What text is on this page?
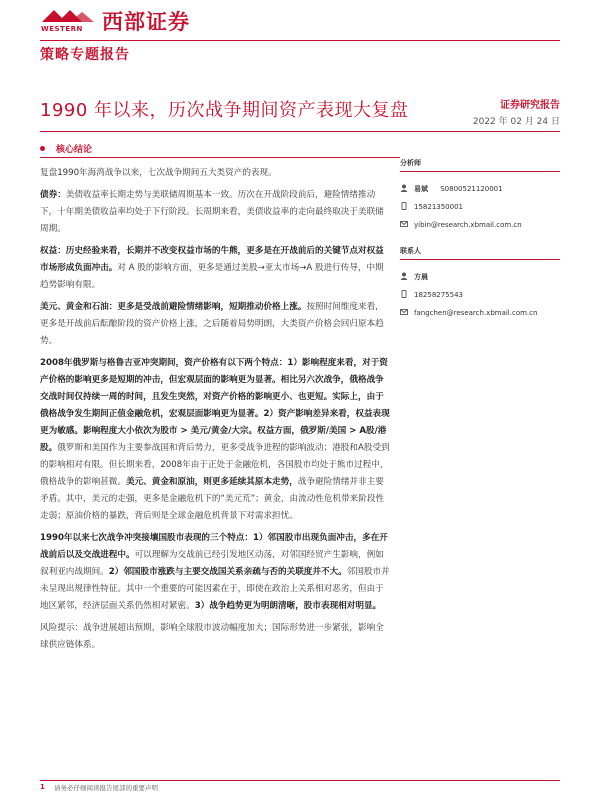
WESTERN 西部证券
策略专题报告
1990 年以来，历次战争期间资产表现大复盘	证券研究报告
2022 年 02 月 24 日
核心结论

复盘1990年海湾战争以来，七次战争期间五大类资产的表现。

债券：美债收益率长期走势与美联储周期基本一致。历次在开战阶段前后，避险情绪推动下，十年期美债收益率均处于下行阶段。长周期来看，美债收益率的走向最终取决于美联储周期。

权益：历史经验来看，长期并不改变权益市场的牛熊，更多是在开战前后的关键节点对权益市场形成负面冲击。对 A 股的影响方面，更多是通过美股→亚太市场→A 股进行传导，中期趋势影响有限。

美元、黄金和石油：更多是受战前避险情绪影响，短期推动价格上涨。按照时间维度来看，更多是开战前后酝酿阶段的资产价格上涨，之后随着局势明朗，大类资产价格会回归原本趋势。

2008年俄罗斯与格鲁吉亚冲突期间，资产价格有以下两个特点：1）影响程度来看，对于资产价格的影响更多是短期的冲击，但宏观层面的影响更为显著。相比另六次战争，俄格战争交战时间仅持续一周的时间，且发生突然，对资产价格的影响更小、也更短。实际上，由于俄格战争发生期间正值金融危机，宏观层面影响更为显著。2）资产影响差异来看，权益表现更为敏感。影响程度大小依次为股市 > 美元/黄金/大宗。权益方面，俄罗斯/美国 > A股/港股。俄罗斯和美国作为主要参战国和背后势力，更多受战争进程的影响波动；港股和A股受到的影响相对有限。但长期来看，2008年由于正处于金融危机，各国股市均处于熊市过程中，俄格战争的影响甚微。美元、黄金和原油，则更多延续其原本走势，战争避险情绪并非主要矛盾。其中，美元的走强，更多是金融危机下的“美元荒”；黄金，由流动性危机带来阶段性走弱；原油价格的暴跌，背后则是全球金融危机背景下对需求担忧。

1990年以来七次战争冲突接壤国股市表现的三个特点：1）邻国股市出现负面冲击，多在开战前后以及交战进程中。可以理解为交战前已经引发地区动荡，对邻国经贸产生影响，例如叙利亚内战期间。2）邻国股市涨跌与主要交战国关系亲疏与否的关联度并不大。邻国股市并未呈现出规律性特征。其中一个重要的可能因素在于，即使在政治上关系相对恶劣，但由于地区紧邻，经济层面关系仍然相对紧密。3）战争趋势更为明朗清晰，股市表现相对明显。

风险提示：战争进展超出预期，影响全球股市波动幅度加大；国际形势进一步紧张，影响全球供应链体系。

分析师
易斌 S0800521120001
15821350001
yibin@research.xbmail.com.cn
联系人
方晨
18258275543
fangchen@research.xbmail.com.cn
1 请务必仔细阅读报告尾部的重要声明
